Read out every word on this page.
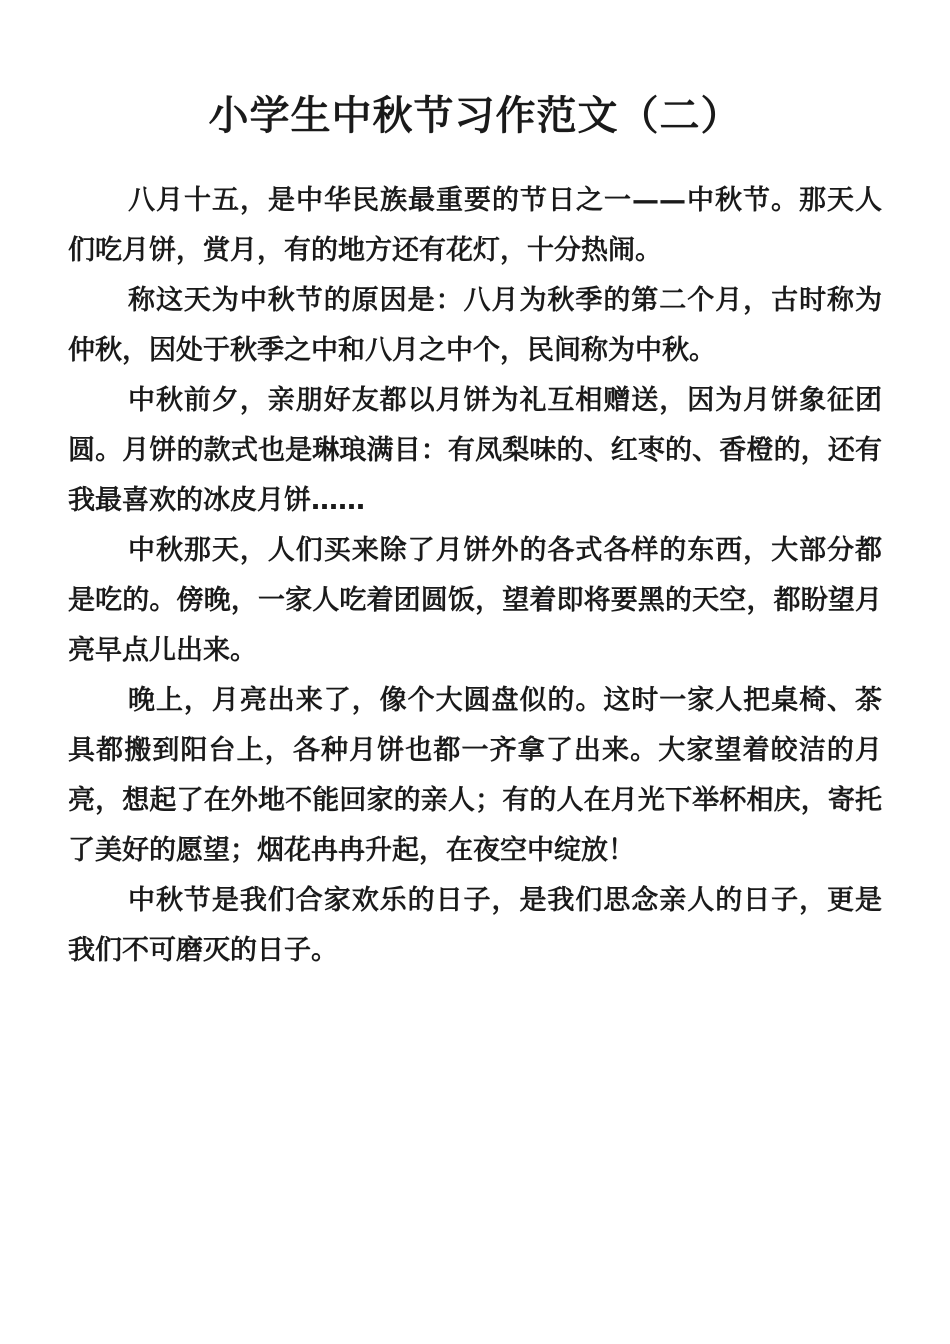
小学生中秋节习作范文（二）

八月十五，是中华民族最重要的节日之一——中秋节。那天人们吃月饼，赏月，有的地方还有花灯，十分热闹。

称这天为中秋节的原因是：八月为秋季的第二个月，古时称为仲秋，因处于秋季之中和八月之中个，民间称为中秋。

中秋前夕，亲朋好友都以月饼为礼互相赠送，因为月饼象征团圆。月饼的款式也是琳琅满目：有凤梨味的、红枣的、香橙的，还有我最喜欢的冰皮月饼……

中秋那天，人们买来除了月饼外的各式各样的东西，大部分都是吃的。傍晚，一家人吃着团圆饭，望着即将要黑的天空，都盼望月亮早点儿出来。

晚上，月亮出来了，像个大圆盘似的。这时一家人把桌椅、茶具都搬到阳台上，各种月饼也都一齐拿了出来。大家望着皎洁的月亮，想起了在外地不能回家的亲人；有的人在月光下举杯相庆，寄托了美好的愿望；烟花冉冉升起，在夜空中绽放！

中秋节是我们合家欢乐的日子，是我们思念亲人的日子，更是我们不可磨灭的日子。
